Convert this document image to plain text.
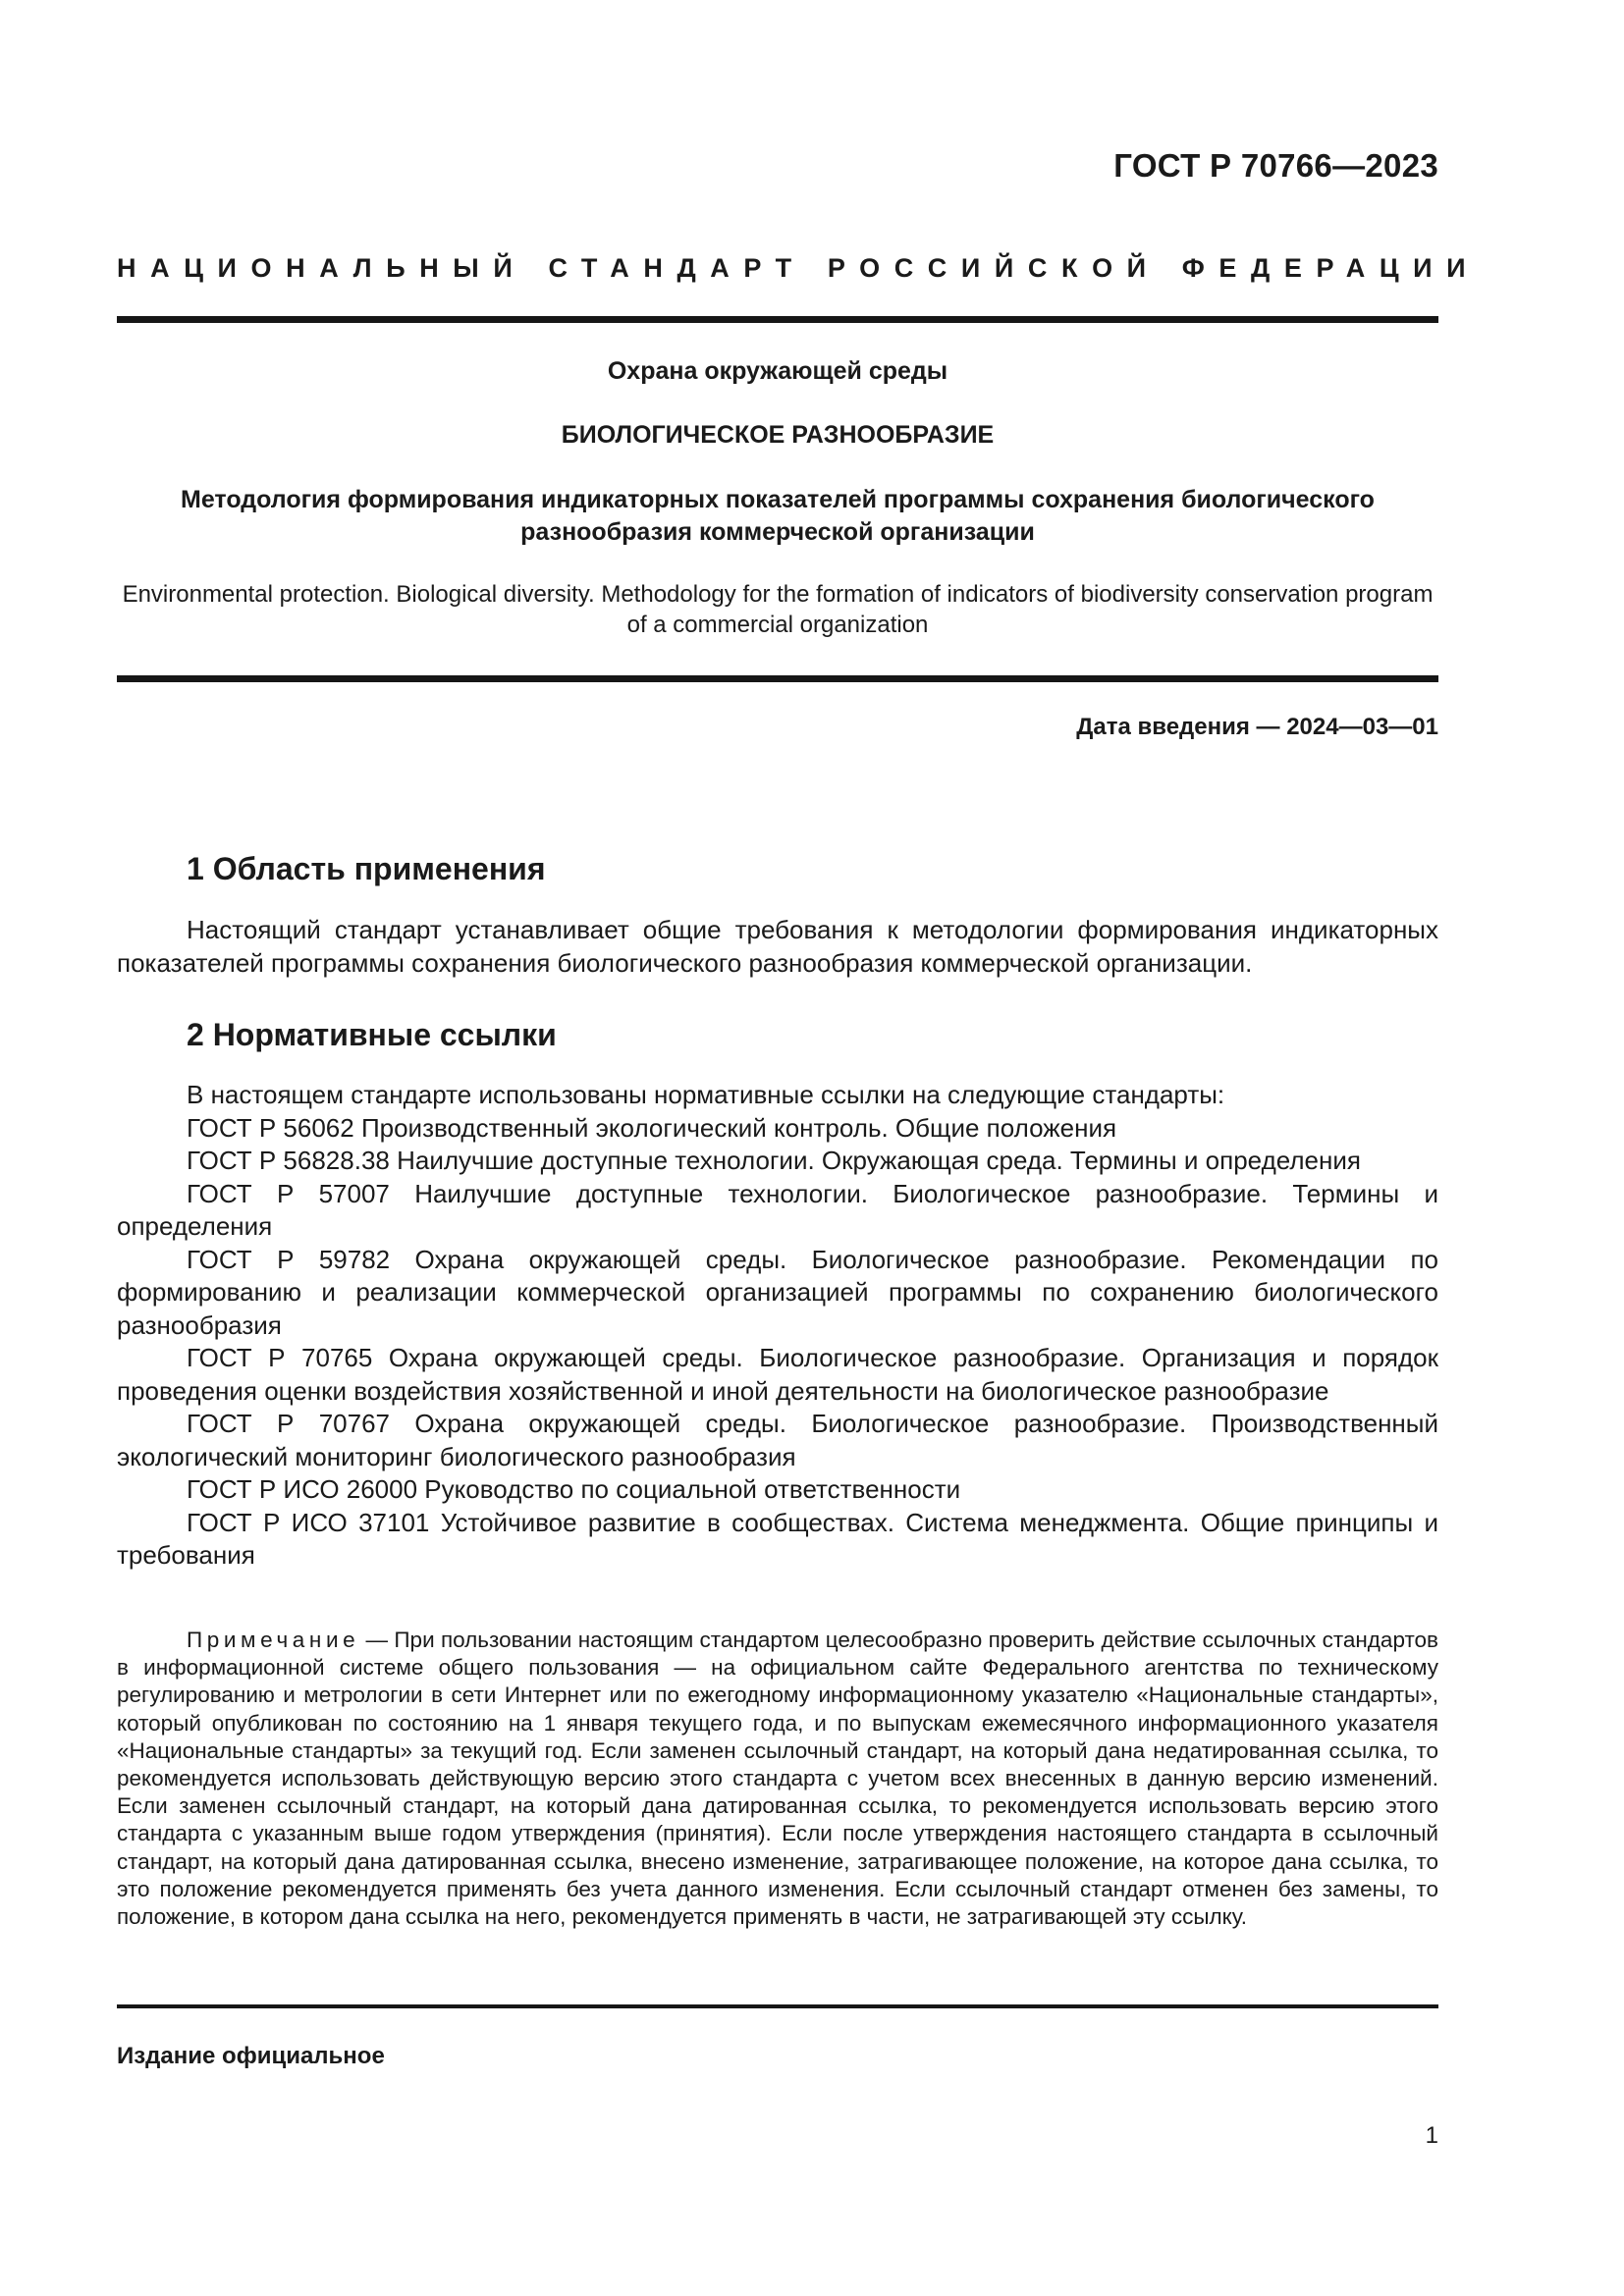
ГОСТ Р 70766—2023
НАЦИОНАЛЬНЫЙ СТАНДАРТ РОССИЙСКОЙ ФЕДЕРАЦИИ
Охрана окружающей среды
БИОЛОГИЧЕСКОЕ РАЗНООБРАЗИЕ
Методология формирования индикаторных показателей программы сохранения биологического разнообразия коммерческой организации
Environmental protection. Biological diversity. Methodology for the formation of indicators of biodiversity conservation program of a commercial organization
Дата введения — 2024—03—01
1 Область применения
Настоящий стандарт устанавливает общие требования к методологии формирования индикаторных показателей программы сохранения биологического разнообразия коммерческой организации.
2 Нормативные ссылки

В настоящем стандарте использованы нормативные ссылки на следующие стандарты:

ГОСТ Р 56062 Производственный экологический контроль. Общие положения

ГОСТ Р 56828.38 Наилучшие доступные технологии. Окружающая среда. Термины и определения

ГОСТ Р 57007 Наилучшие доступные технологии. Биологическое разнообразие. Термины и определения

ГОСТ Р 59782 Охрана окружающей среды. Биологическое разнообразие. Рекомендации по формированию и реализации коммерческой организацией программы по сохранению биологического разнообразия

ГОСТ Р 70765 Охрана окружающей среды. Биологическое разнообразие. Организация и порядок проведения оценки воздействия хозяйственной и иной деятельности на биологическое разнообразие

ГОСТ Р 70767 Охрана окружающей среды. Биологическое разнообразие. Производственный экологический мониторинг биологического разнообразия

ГОСТ Р ИСО 26000 Руководство по социальной ответственности

ГОСТ Р ИСО 37101 Устойчивое развитие в сообществах. Система менеджмента. Общие принципы и требования

Примечание — При пользовании настоящим стандартом целесообразно проверить действие ссылочных стандартов в информационной системе общего пользования — на официальном сайте Федерального агентства по техническому регулированию и метрологии в сети Интернет или по ежегодному информационному указателю «Национальные стандарты», который опубликован по состоянию на 1 января текущего года, и по выпускам ежемесячного информационного указателя «Национальные стандарты» за текущий год. Если заменен ссылочный стандарт, на который дана недатированная ссылка, то рекомендуется использовать действующую версию этого стандарта с учетом всех внесенных в данную версию изменений. Если заменен ссылочный стандарт, на который дана датированная ссылка, то рекомендуется использовать версию этого стандарта с указанным выше годом утверждения (принятия). Если после утверждения настоящего стандарта в ссылочный стандарт, на который дана датированная ссылка, внесено изменение, затрагивающее положение, на которое дана ссылка, то это положение рекомендуется применять без учета данного изменения. Если ссылочный стандарт отменен без замены, то положение, в котором дана ссылка на него, рекомендуется применять в части, не затрагивающей эту ссылку.
Издание официальное
1
